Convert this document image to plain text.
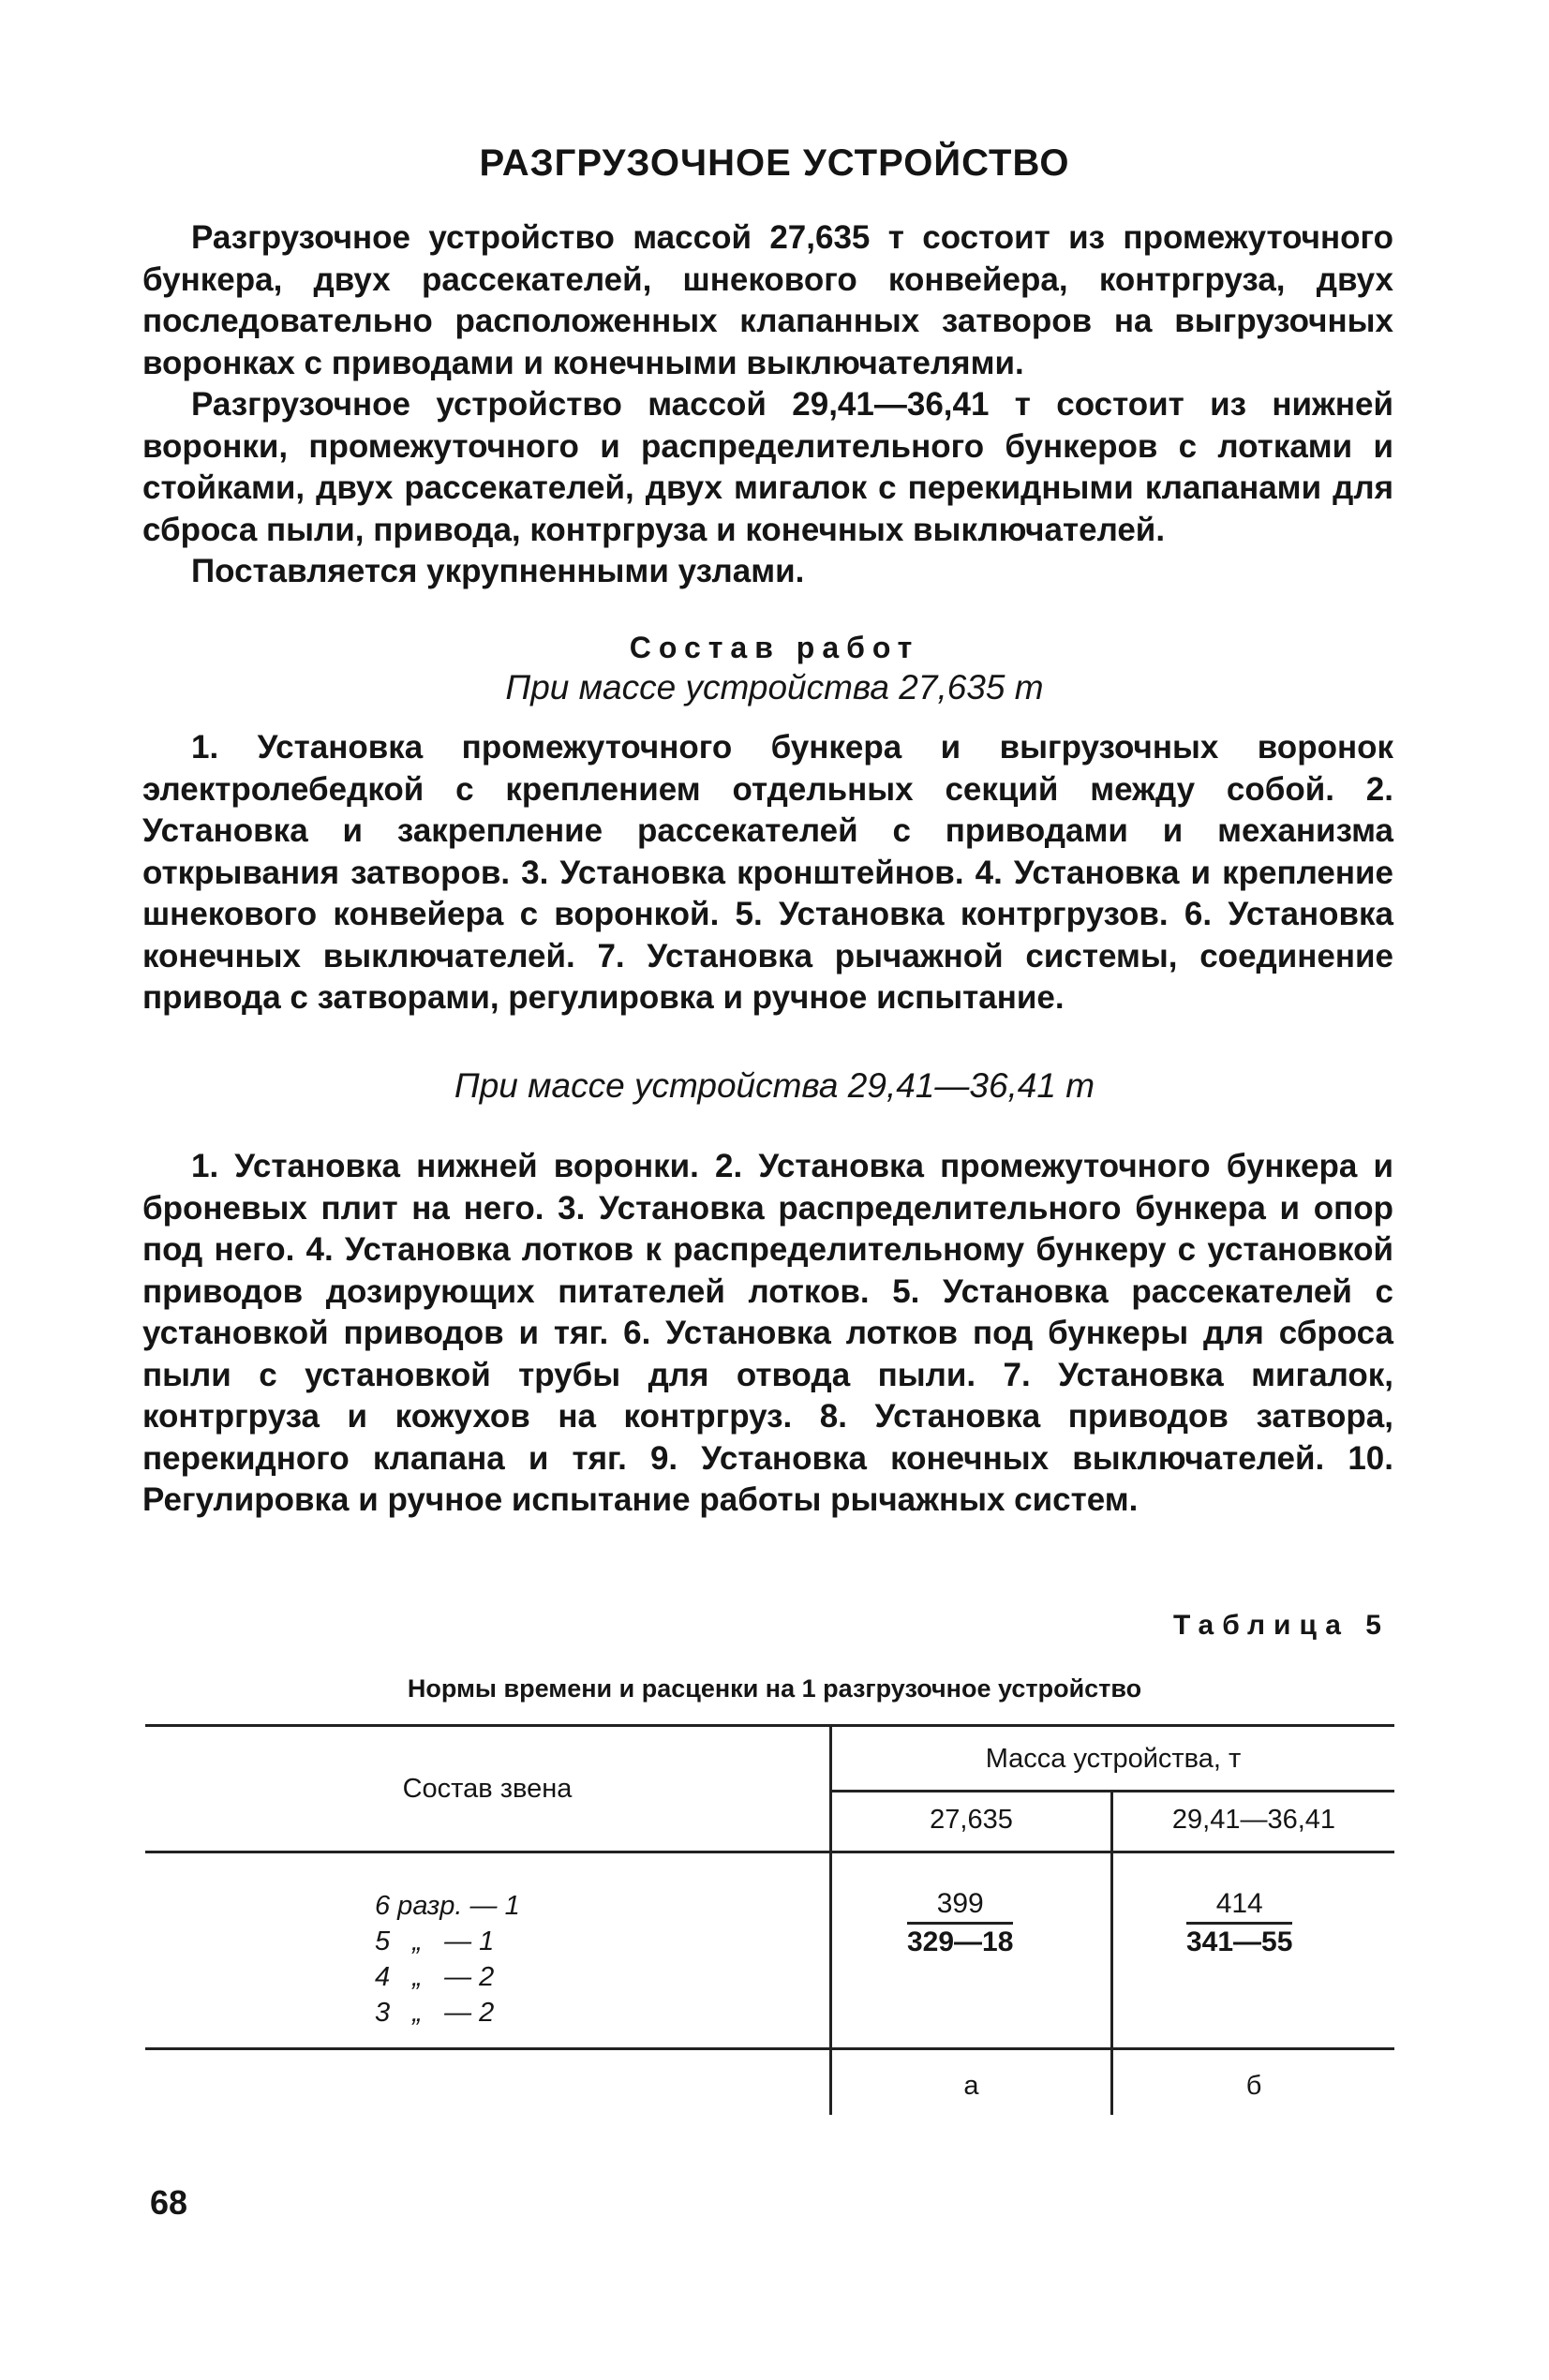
РАЗГРУЗОЧНОЕ УСТРОЙСТВО

Разгрузочное устройство массой 27,635 т состоит из промежуточного бункера, двух рассекателей, шнекового конвейера, контргруза, двух последовательно расположенных клапанных затворов на выгрузочных воронках с приводами и конечными выключателями.

Разгрузочное устройство массой 29,41—36,41 т состоит из нижней воронки, промежуточного и распределительного бункеров с лотками и стойками, двух рассекателей, двух мигалок с перекидными клапанами для сброса пыли, привода, контргруза и конечных выключателей.

Поставляется укрупненными узлами.

Состав работ

При массе устройства 27,635 т

1. Установка промежуточного бункера и выгрузочных воронок электролебедкой с креплением отдельных секций между собой. 2. Установка и закрепление рассекателей с приводами и механизма открывания затворов. 3. Установка кронштейнов. 4. Установка и крепление шнекового конвейера с воронкой. 5. Установка контргрузов. 6. Установка конечных выключателей. 7. Установка рычажной системы, соединение привода с затворами, регулировка и ручное испытание.

При массе устройства 29,41—36,41 т

1. Установка нижней воронки. 2. Установка промежуточного бункера и броневых плит на него. 3. Установка распределительного бункера и опор под него. 4. Установка лотков к распределительному бункеру с установкой приводов дозирующих питателей лотков. 5. Установка рассекателей с установкой приводов и тяг. 6. Установка лотков под бункеры для сброса пыли с установкой трубы для отвода пыли. 7. Установка мигалок, контргруза и кожухов на контргруз. 8. Установка приводов затвора, перекидного клапана и тяг. 9. Установка конечных выключателей. 10. Регулировка и ручное испытание работы рычажных систем.

Таблица 5
Нормы времени и расценки на 1 разгрузочное устройство
Состав звена
Масса устройства, т
27,635	29,41—36,41
6 разр. — 1
5   „   — 1
4   „   — 2
3   „   — 2
$\frac{399}{329—18}$	$\frac{414}{341—55}$
а	б
68
